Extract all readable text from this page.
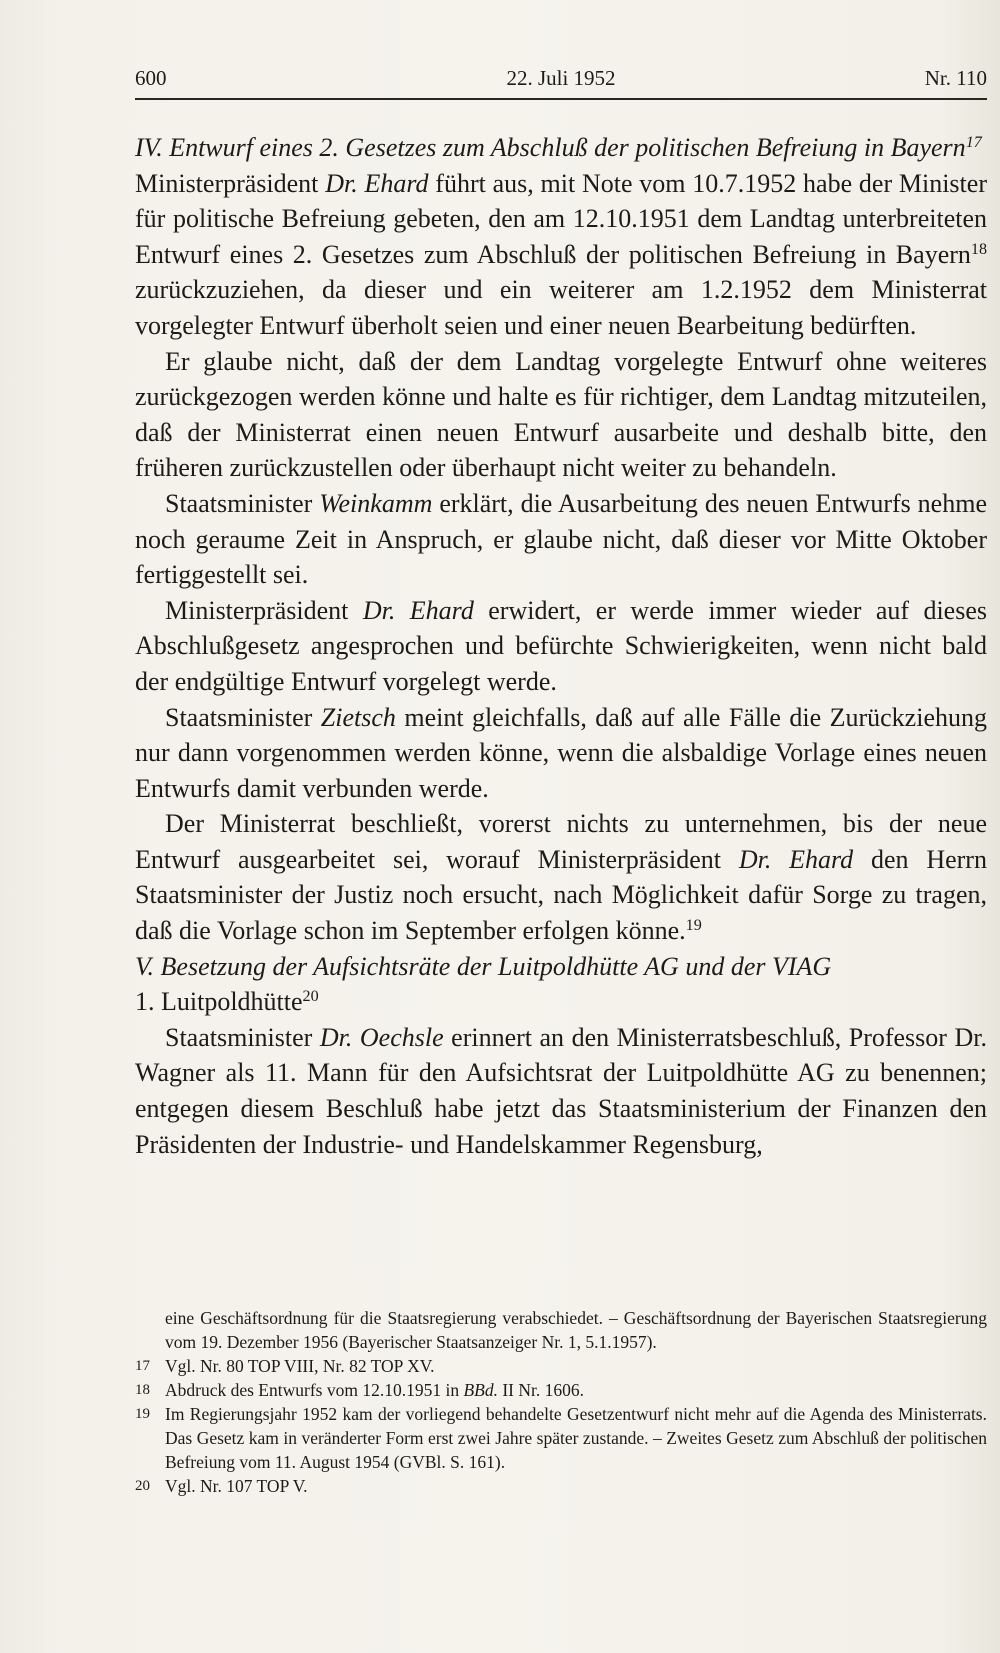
600	22. Juli 1952	Nr. 110

IV. Entwurf eines 2. Gesetzes zum Abschluß der politischen Befreiung in Bayern$^{17}$

Ministerpräsident Dr. Ehard führt aus, mit Note vom 10.7.1952 habe der Minister für politische Befreiung gebeten, den am 12.10.1951 dem Landtag unterbreiteten Entwurf eines 2. Gesetzes zum Abschluß der politischen Befreiung in Bayern$^{18}$ zurückzuziehen, da dieser und ein weiterer am 1.2.1952 dem Ministerrat vorgelegter Entwurf überholt seien und einer neuen Bearbeitung bedürften.

Er glaube nicht, daß der dem Landtag vorgelegte Entwurf ohne weiteres zurückgezogen werden könne und halte es für richtiger, dem Landtag mitzuteilen, daß der Ministerrat einen neuen Entwurf ausarbeite und deshalb bitte, den früheren zurückzustellen oder überhaupt nicht weiter zu behandeln.

Staatsminister Weinkamm erklärt, die Ausarbeitung des neuen Entwurfs nehme noch geraume Zeit in Anspruch, er glaube nicht, daß dieser vor Mitte Oktober fertiggestellt sei.

Ministerpräsident Dr. Ehard erwidert, er werde immer wieder auf dieses Abschlußgesetz angesprochen und befürchte Schwierigkeiten, wenn nicht bald der endgültige Entwurf vorgelegt werde.

Staatsminister Zietsch meint gleichfalls, daß auf alle Fälle die Zurückziehung nur dann vorgenommen werden könne, wenn die alsbaldige Vorlage eines neuen Entwurfs damit verbunden werde.

Der Ministerrat beschließt, vorerst nichts zu unternehmen, bis der neue Entwurf ausgearbeitet sei, worauf Ministerpräsident Dr. Ehard den Herrn Staatsminister der Justiz noch ersucht, nach Möglichkeit dafür Sorge zu tragen, daß die Vorlage schon im September erfolgen könne.$^{19}$

V. Besetzung der Aufsichtsräte der Luitpoldhütte AG und der VIAG

1. Luitpoldhütte$^{20}$

Staatsminister Dr. Oechsle erinnert an den Ministerratsbeschluß, Professor Dr. Wagner als 11. Mann für den Aufsichtsrat der Luitpoldhütte AG zu benennen; entgegen diesem Beschluß habe jetzt das Staatsministerium der Finanzen den Präsidenten der Industrie- und Handelskammer Regensburg,

eine Geschäftsordnung für die Staatsregierung verabschiedet. – Geschäftsordnung der Bayerischen Staatsregierung vom 19. Dezember 1956 (Bayerischer Staatsanzeiger Nr. 1, 5.1.1957).
17 Vgl. Nr. 80 TOP VIII, Nr. 82 TOP XV.
18 Abdruck des Entwurfs vom 12.10.1951 in BBd. II Nr. 1606.
19 Im Regierungsjahr 1952 kam der vorliegend behandelte Gesetzentwurf nicht mehr auf die Agenda des Ministerrats. Das Gesetz kam in veränderter Form erst zwei Jahre später zustande. – Zweites Gesetz zum Abschluß der politischen Befreiung vom 11. August 1954 (GVBl. S. 161).
20 Vgl. Nr. 107 TOP V.
